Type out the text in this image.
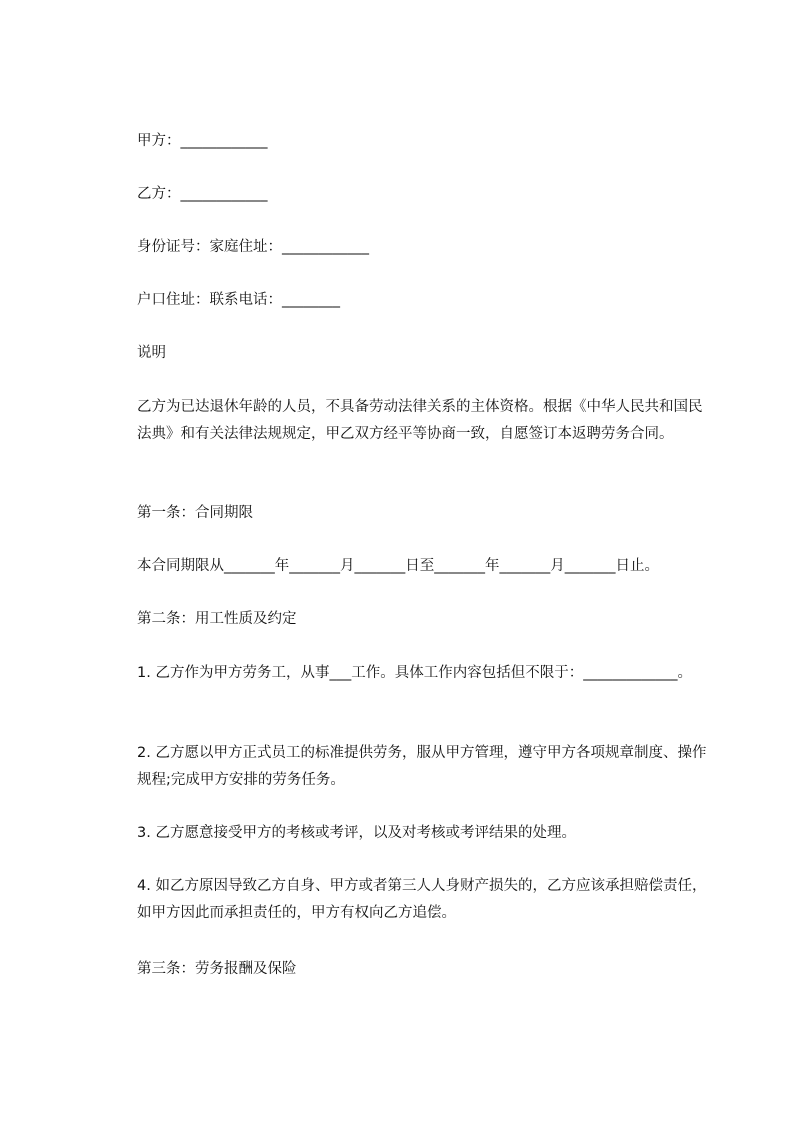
甲方：____________
乙方：____________
身份证号：家庭住址：____________
户口住址：联系电话：________
说明
乙方为已达退休年龄的人员，不具备劳动法律关系的主体资格。根据《中华人民共和国民法典》和有关法律法规规定，甲乙双方经平等协商一致，自愿签订本返聘劳务合同。
第一条：合同期限
本合同期限从_______年_______月_______日至_______年_______月_______日止。
第二条：用工性质及约定
1. 乙方作为甲方劳务工，从事___工作。具体工作内容包括但不限于：_____________。
2. 乙方愿以甲方正式员工的标准提供劳务，服从甲方管理，遵守甲方各项规章制度、操作规程;完成甲方安排的劳务任务。
3. 乙方愿意接受甲方的考核或考评，以及对考核或考评结果的处理。
4. 如乙方原因导致乙方自身、甲方或者第三人人身财产损失的，乙方应该承担赔偿责任，如甲方因此而承担责任的，甲方有权向乙方追偿。
第三条：劳务报酬及保险
